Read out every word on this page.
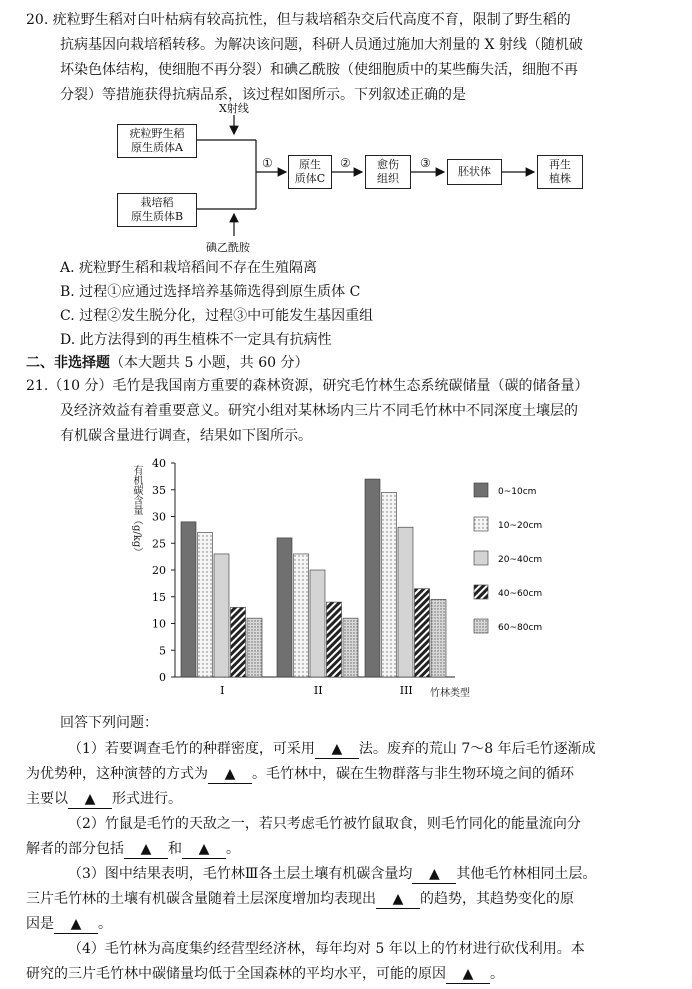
20. 疣粒野生稻对白叶枯病有较高抗性，但与栽培稻杂交后代高度不育，限制了野生稻的
抗病基因向栽培稻转移。为解决该问题，科研人员通过施加大剂量的 X 射线（随机破
坏染色体结构，使细胞不再分裂）和碘乙酰胺（使细胞质中的某些酶失活，细胞不再
分裂）等措施获得抗病品系，该过程如图所示。下列叙述正确的是
X射线
疣粒野生稻
原生质体A
栽培稻
原生质体B
①	原生
质体C
②	愈伤
组织
③
胚状体
再生
植株
碘乙酰胺
A. 疣粒野生稻和栽培稻间不存在生殖隔离
B. 过程①应通过选择培养基筛选得到原生质体 C
C. 过程②发生脱分化，过程③中可能发生基因重组
D. 此方法得到的再生植株不一定具有抗病性
二、非选择题（本大题共 5 小题，共 60 分）
21.（10 分）毛竹是我国南方重要的森林资源，研究毛竹林生态系统碳储量（碳的储备量）
及经济效益有着重要意义。研究小组对某林场内三片不同毛竹林中不同深度土壤层的
有机碳含量进行调查，结果如下图所示。
0
5
10
15
20
25
30
35
40
I	II	III
0~10cm
10~20cm
20~40cm
40~60cm
60~80cm
有机碳含量（g/kg）
竹林类型
回答下列问题：
（1）若要调查毛竹的种群密度，可采用 ▲ 法。废弃的荒山 7～8 年后毛竹逐渐成
为优势种，这种演替的方式为 ▲ 。毛竹林中，碳在生物群落与非生物环境之间的循环
主要以 ▲ 形式进行。
（2）竹鼠是毛竹的天敌之一，若只考虑毛竹被竹鼠取食，则毛竹同化的能量流向分
解者的部分包括 ▲ 和 ▲ 。
（3）图中结果表明，毛竹林Ⅲ各土层土壤有机碳含量均 ▲ 其他毛竹林相同土层。
三片毛竹林的土壤有机碳含量随着土层深度增加均表现出 ▲ 的趋势，其趋势变化的原
因是 ▲ 。
（4）毛竹林为高度集约经营型经济林，每年均对 5 年以上的竹材进行砍伐利用。本
研究的三片毛竹林中碳储量均低于全国森林的平均水平，可能的原因 ▲ 。
